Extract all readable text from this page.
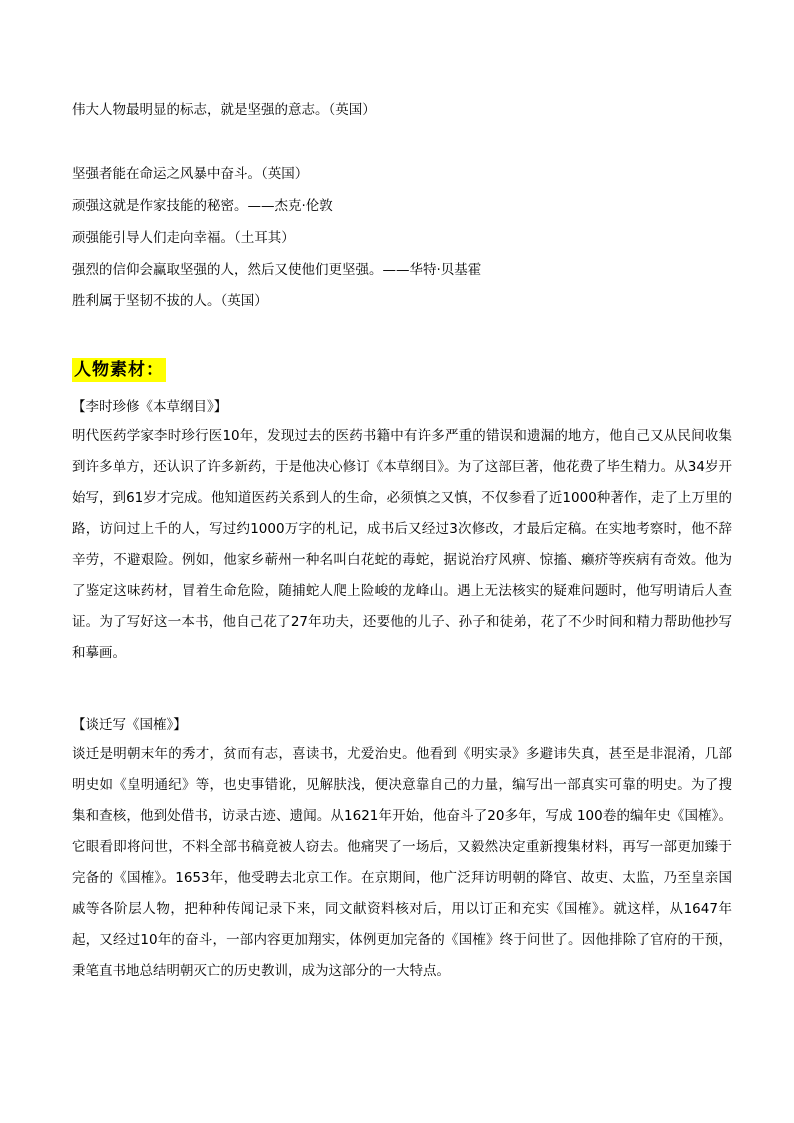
伟大人物最明显的标志，就是坚强的意志。（英国）
坚强者能在命运之风暴中奋斗。（英国）
顽强这就是作家技能的秘密。——杰克·伦敦
顽强能引导人们走向幸福。（土耳其）
强烈的信仰会赢取坚强的人，然后又使他们更坚强。——华特·贝基霍
胜利属于坚韧不拔的人。（英国）
人物素材：
【李时珍修《本草纲目》】
明代医药学家李时珍行医10年，发现过去的医药书籍中有许多严重的错误和遗漏的地方，他自己又从民间收集到许多单方，还认识了许多新药，于是他决心修订《本草纲目》。为了这部巨著，他花费了毕生精力。从34岁开始写，到61岁才完成。他知道医药关系到人的生命，必须慎之又慎，不仅参看了近1000种著作，走了上万里的路，访问过上千的人，写过约1000万字的札记，成书后又经过3次修改，才最后定稿。在实地考察时，他不辞辛劳，不避艰险。例如，他家乡蕲州一种名叫白花蛇的毒蛇，据说治疗风痹、惊搐、癞疥等疾病有奇效。他为了鉴定这味药材，冒着生命危险，随捕蛇人爬上险峻的龙峰山。遇上无法核实的疑难问题时，他写明请后人查证。为了写好这一本书，他自己花了27年功夫，还要他的儿子、孙子和徒弟，花了不少时间和精力帮助他抄写和摹画。
【谈迁写《国榷》】
谈迁是明朝末年的秀才，贫而有志，喜读书，尤爱治史。他看到《明实录》多避讳失真，甚至是非混淆，几部明史如《皇明通纪》等，也史事错讹，见解肤浅，便决意靠自己的力量，编写出一部真实可靠的明史。为了搜集和查核，他到处借书，访录古迹、遗闻。从1621年开始，他奋斗了20多年，写成 100卷的编年史《国榷》。它眼看即将问世，不料全部书稿竟被人窃去。他痛哭了一场后，又毅然决定重新搜集材料，再写一部更加臻于完备的《国榷》。1653年，他受聘去北京工作。在京期间，他广泛拜访明朝的降官、故吏、太监，乃至皇亲国戚等各阶层人物，把种种传闻记录下来，同文献资料核对后，用以订正和充实《国榷》。就这样，从1647年起，又经过10年的奋斗，一部内容更加翔实，体例更加完备的《国榷》终于问世了。因他排除了官府的干预，秉笔直书地总结明朝灭亡的历史教训，成为这部分的一大特点。
